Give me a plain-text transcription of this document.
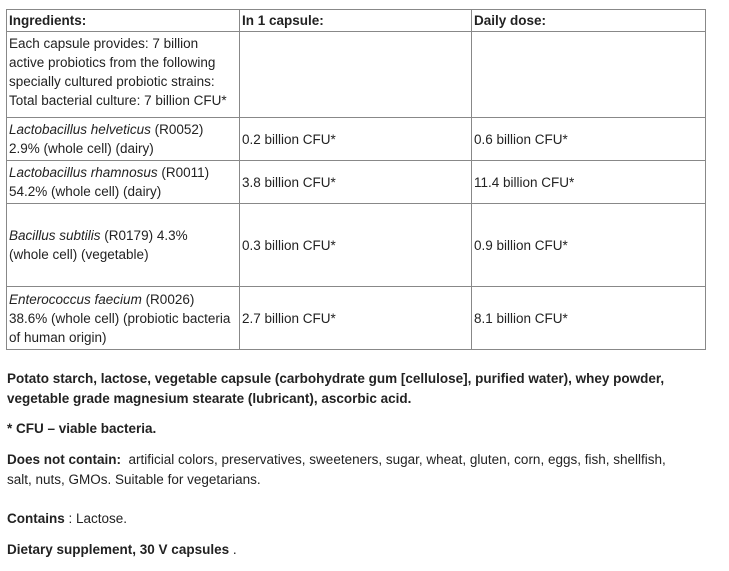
Ingredients:	In 1 capsule:	Daily dose:
Each capsule provides: 7 billion
active probiotics from the following
specially cultured probiotic strains:
Total bacterial culture: 7 billion CFU*		
Lactobacillus helveticus (R0052)
2.9% (whole cell) (dairy)	0.2 billion CFU*	0.6 billion CFU*
Lactobacillus rhamnosus (R0011)
54.2% (whole cell) (dairy)	3.8 billion CFU*	11.4 billion CFU*
Bacillus subtilis (R0179) 4.3%
(whole cell) (vegetable)	0.3 billion CFU*	0.9 billion CFU*
Enterococcus faecium (R0026)
38.6% (whole cell) (probiotic bacteria
of human origin)	2.7 billion CFU*	8.1 billion CFU*

Potato starch, lactose, vegetable capsule (carbohydrate gum [cellulose], purified water), whey powder,
vegetable grade magnesium stearate (lubricant), ascorbic acid.

* CFU – viable bacteria.

Does not contain:  artificial colors, preservatives, sweeteners, sugar, wheat, gluten, corn, eggs, fish, shellfish,
salt, nuts, GMOs. Suitable for vegetarians.

Contains : Lactose.

Dietary supplement, 30 V capsules .
